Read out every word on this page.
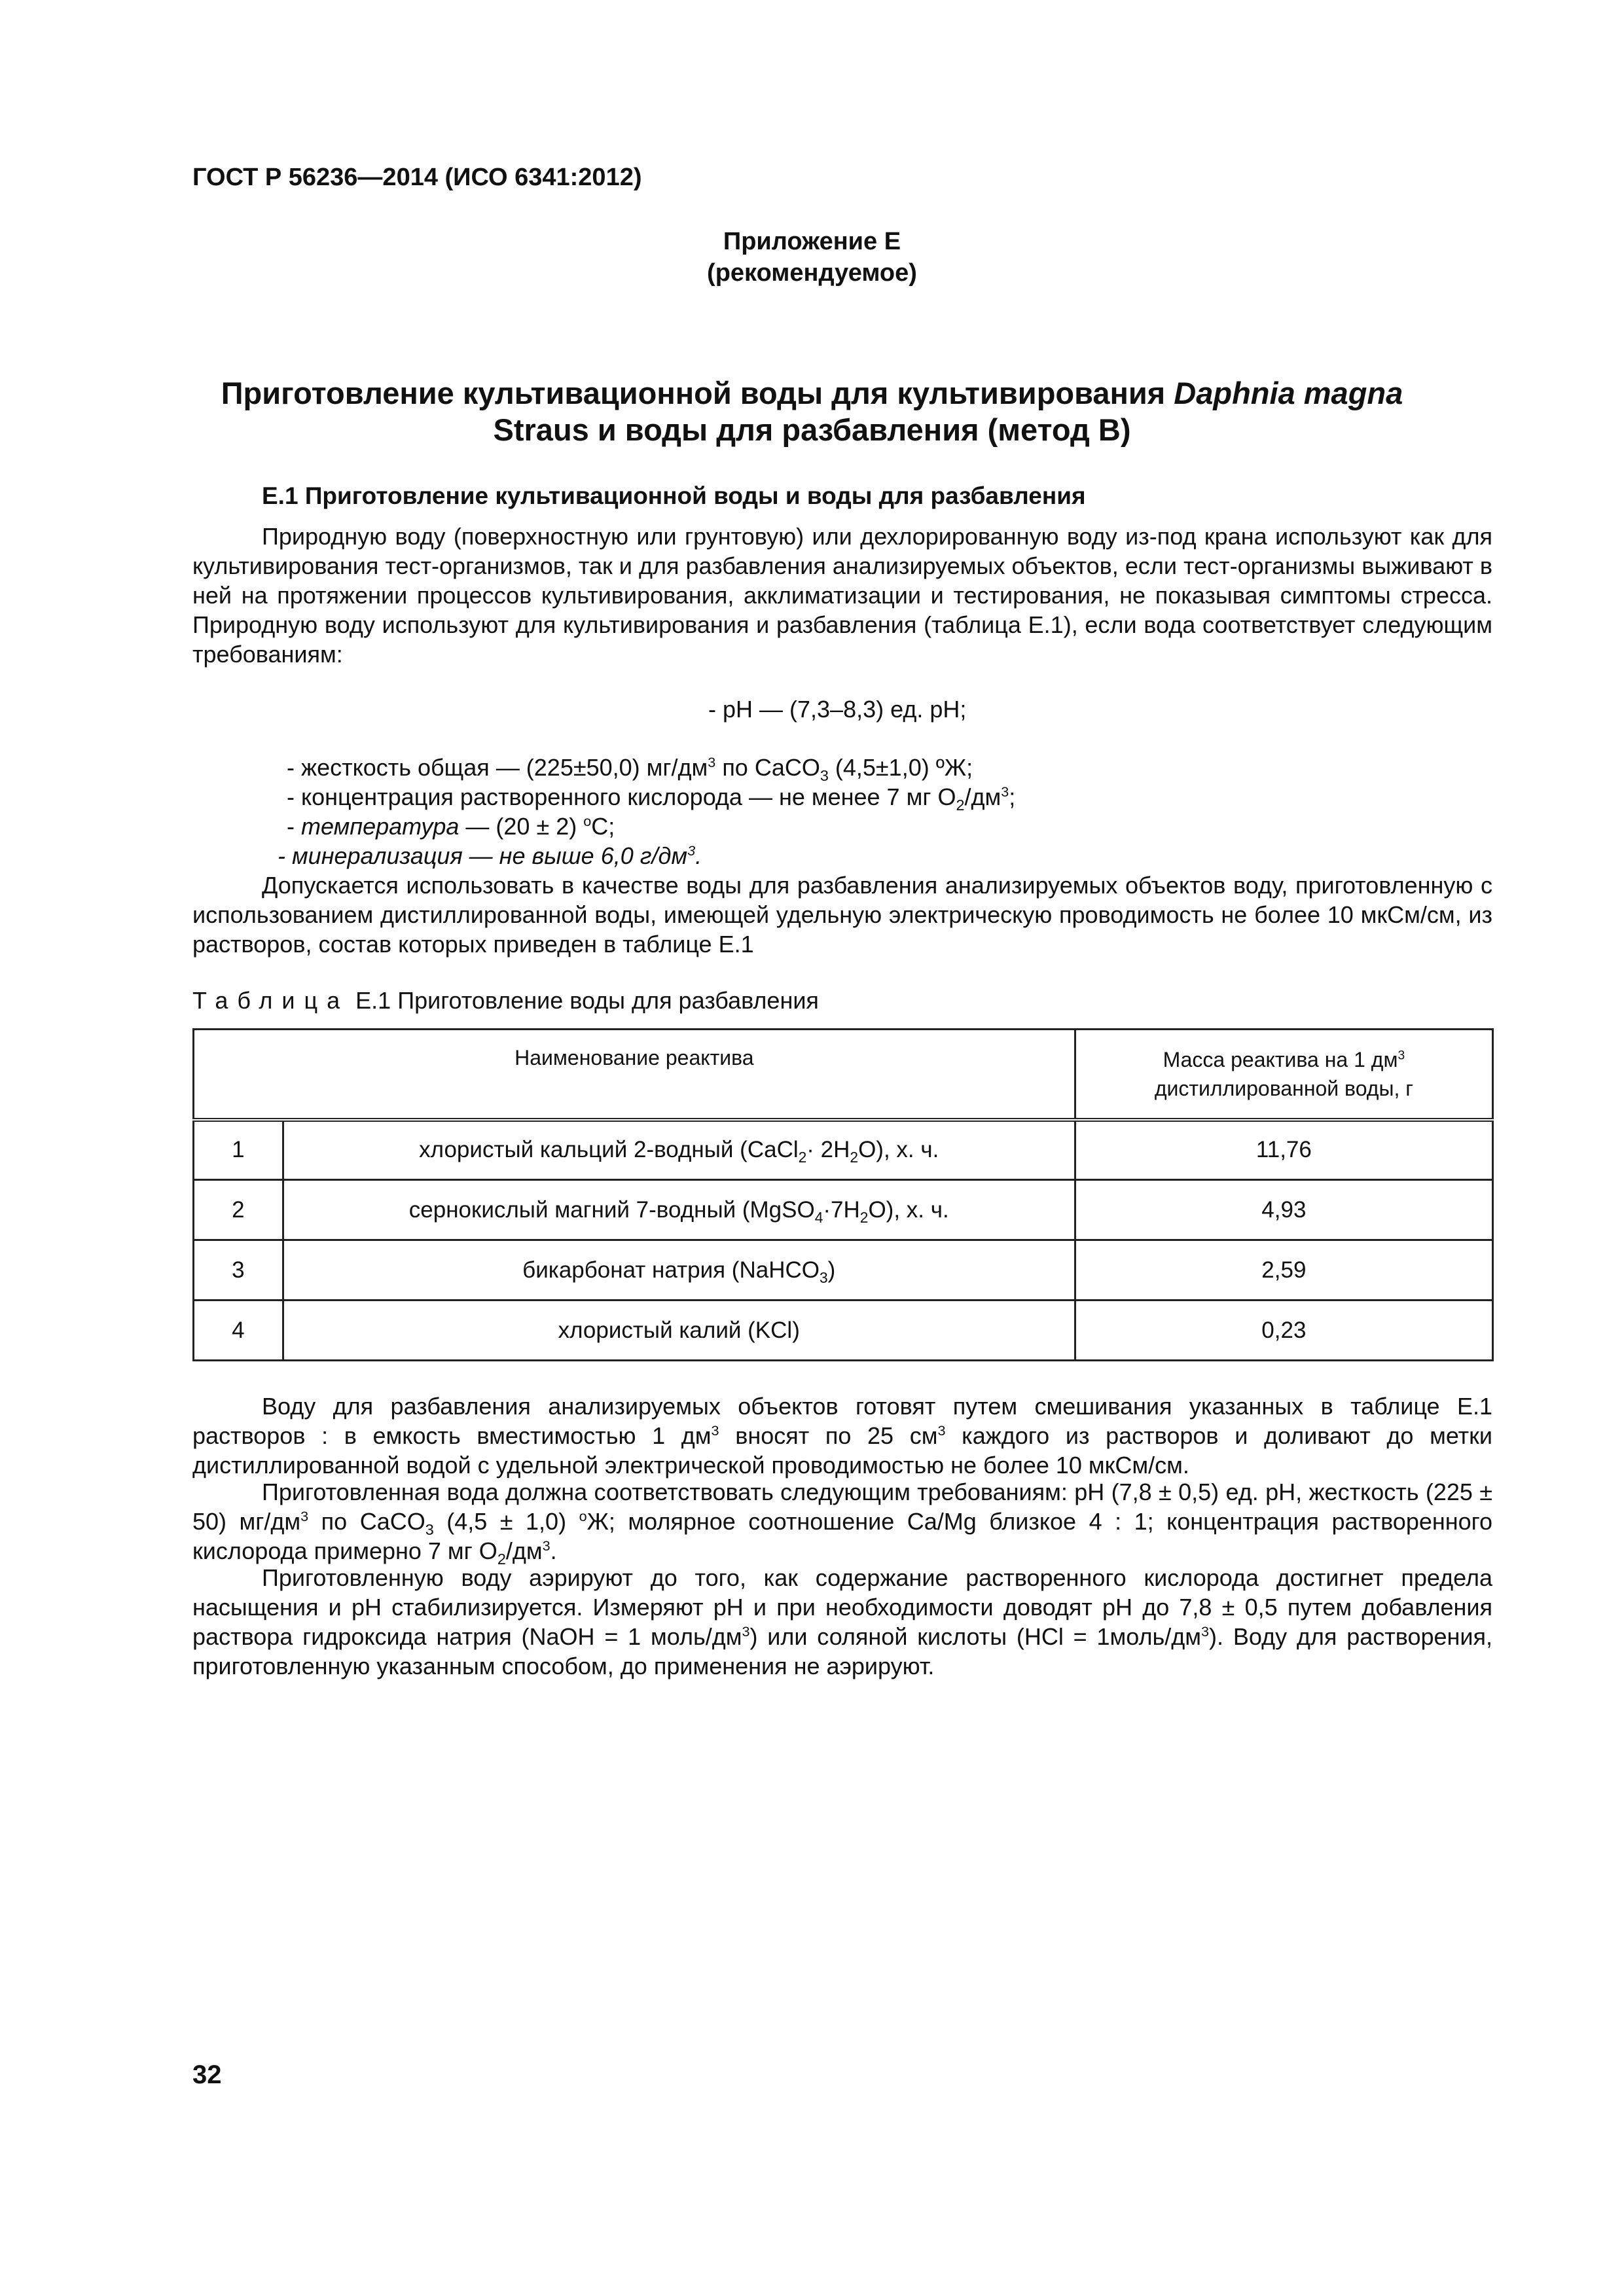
ГОСТ Р 56236—2014 (ИСО 6341:2012)
Приложение Е
(рекомендуемое)
Приготовление культивационной воды для культивирования Daphnia magna
Straus и воды для разбавления (метод В)
Е.1 Приготовление культивационной воды и воды для разбавления

Природную воду (поверхностную или грунтовую) или дехлорированную воду из-под крана используют как для культивирования тест-организмов, так и для разбавления анализируемых объектов, если тест-организмы выживают в ней на протяжении процессов культивирования, акклиматизации и тестирования, не показывая симптомы стресса. Природную воду используют для культивирования и разбавления (таблица Е.1), если вода соответствует следующим требованиям:

- pH — (7,3–8,3) ед. pH;
- жесткость общая — (225±50,0) $мг/дм^3$ по CaCO$_3$ (4,5±1,0) ºЖ;
- концентрация растворенного кислорода — не менее 7 мг $O_2/дм^3$;
- температура — (20 ± 2) $^o$C;
- минерализация — не выше 6,0 $г/дм^3$.

Допускается использовать в качестве воды для разбавления анализируемых объектов воду, приготовленную с использованием дистиллированной воды, имеющей удельную электрическую проводимость не более 10 мкСм/см, из растворов, состав которых приведен в таблице Е.1

Таблица Е.1 Приготовление воды для разбавления
Наименование реактива		Масса реактива на 1 $дм^3$
дистиллированной воды, г
1	хлористый кальций 2-водный (CaCl$_2$· $2H_2O$), х. ч.	11,76
2	сернокислый магний 7-водный $(MgSO_4\cdot 7H_2O)$, х. ч.	4,93
3	бикарбонат натрия (NaHCO$_3$)	2,59
4	хлористый калий (KCl)	0,23

Воду для разбавления анализируемых объектов готовят путем смешивания указанных в таблице Е.1 растворов : в емкость вместимостью 1 $дм^3$ вносят по 25 $см^3$ каждого из растворов и доливают до метки дистиллированной водой с удельной электрической проводимостью не более 10 мкСм/см.

Приготовленная вода должна соответствовать следующим требованиям: pH (7,8 ± 0,5) ед. pH, жесткость (225 ± 50) $мг/дм^3$ по CaCO$_3$ (4,5 ± 1,0) $^o$Ж; молярное соотношение Ca/Mg близкое 4 : 1; концентрация растворенного кислорода примерно 7 мг $O_2/дм^3$.

Приготовленную воду аэрируют до того, как содержание растворенного кислорода достигнет предела насыщения и pH стабилизируется. Измеряют pH и при необходимости доводят pH до 7,8 ± 0,5 путем добавления раствора гидроксида натрия (NaOH = 1 моль/$дм^3$) или соляной кислоты $(HCl = 1моль/дм^3)$. Воду для растворения, приготовленную указанным способом, до применения не аэрируют.

32
